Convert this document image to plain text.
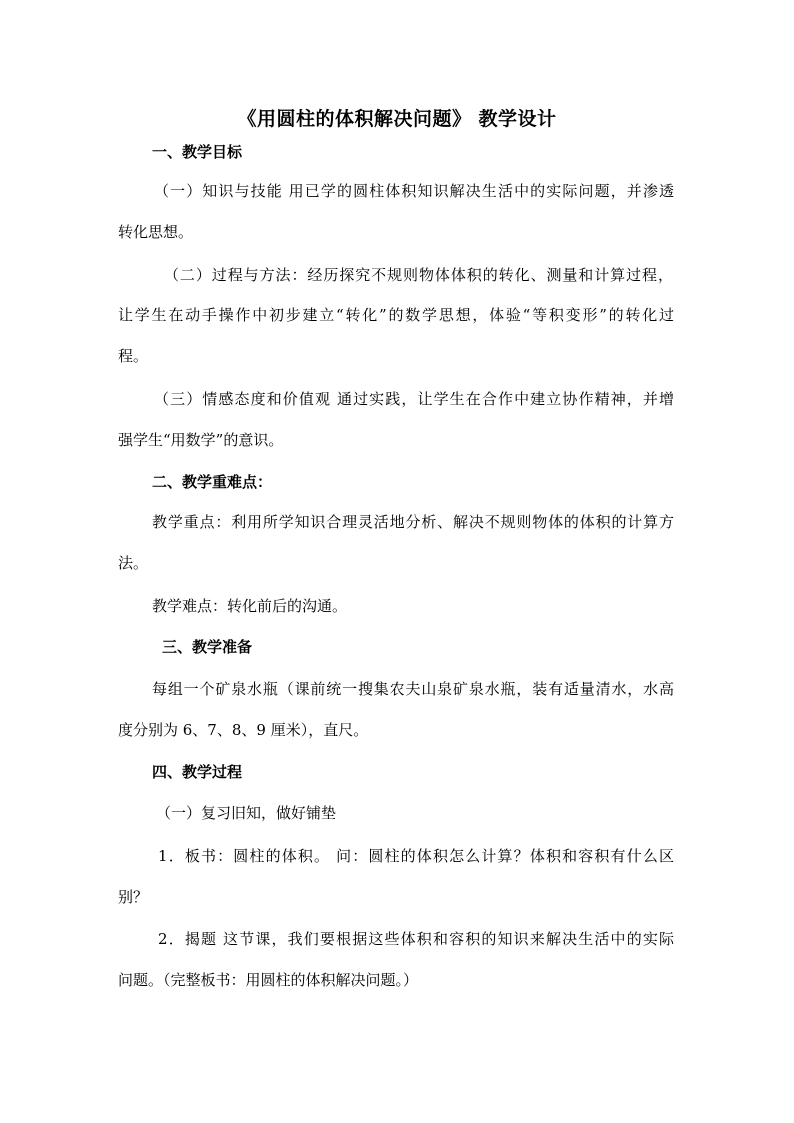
《用圆柱的体积解决问题》 教学设计
一、教学目标
（一）知识与技能 用已学的圆柱体积知识解决生活中的实际问题，并渗透
转化思想。
（二）过程与方法：经历探究不规则物体体积的转化、测量和计算过程，
让学生在动手操作中初步建立“转化”的数学思想，体验“等积变形”的转化过
程。
（三）情感态度和价值观 通过实践，让学生在合作中建立协作精神，并增
强学生“用数学”的意识。
二、教学重难点：
教学重点：利用所学知识合理灵活地分析、解决不规则物体的体积的计算方
法。
教学难点：转化前后的沟通。
三、教学准备
每组一个矿泉水瓶（课前统一搜集农夫山泉矿泉水瓶，装有适量清水，水高
度分别为 6、7、8、9 厘米），直尺。
四、教学过程
（一）复习旧知，做好铺垫
1．板书：圆柱的体积。 问：圆柱的体积怎么计算？体积和容积有什么区
别？
2．揭题 这节课，我们要根据这些体积和容积的知识来解决生活中的实际
问题。（完整板书：用圆柱的体积解决问题。）
